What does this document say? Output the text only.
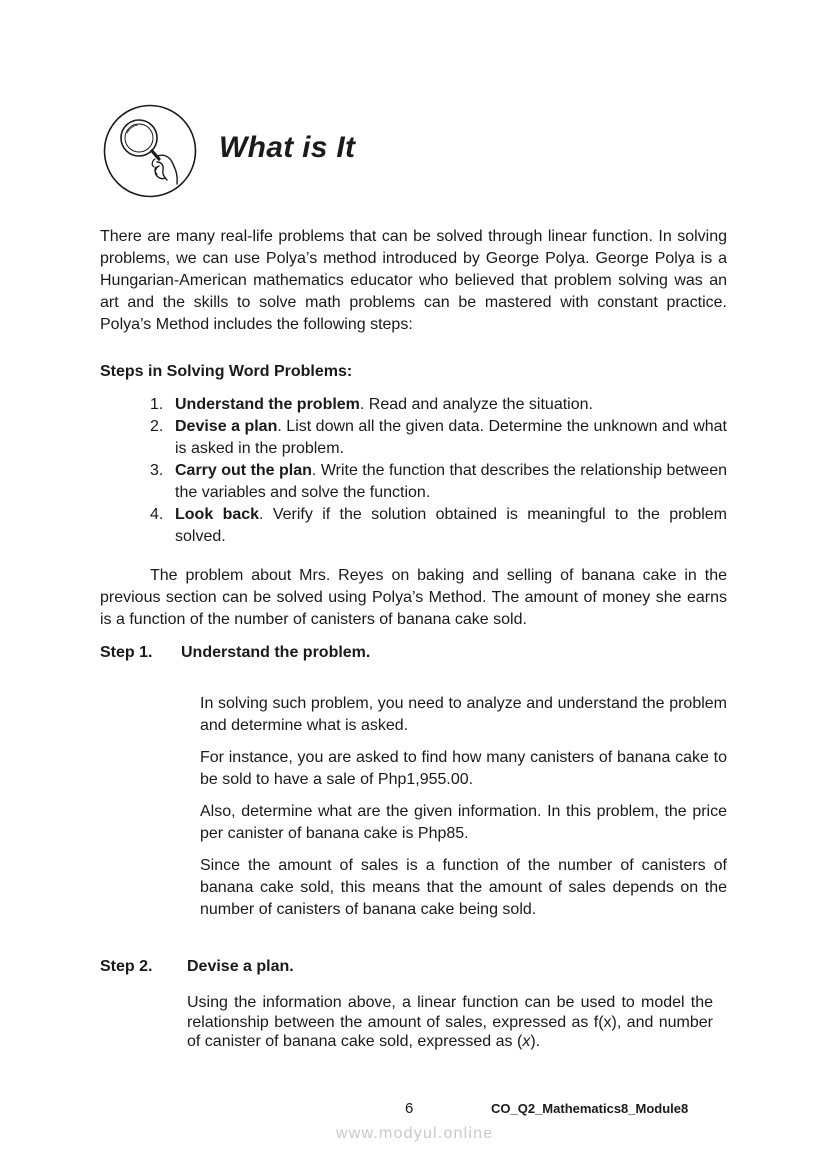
What is It
There are many real-life problems that can be solved through linear function. In solving problems, we can use Polya’s method introduced by George Polya. George Polya is a Hungarian-American mathematics educator who believed that problem solving was an art and the skills to solve math problems can be mastered with constant practice. Polya’s Method includes the following steps:
Steps in Solving Word Problems:
1. Understand the problem. Read and analyze the situation.
2. Devise a plan. List down all the given data. Determine the unknown and what is asked in the problem.
3. Carry out the plan. Write the function that describes the relationship between the variables and solve the function.
4. Look back. Verify if the solution obtained is meaningful to the problem solved.
The problem about Mrs. Reyes on baking and selling of banana cake in the previous section can be solved using Polya’s Method. The amount of money she earns is a function of the number of canisters of banana cake sold.
Step 1. Understand the problem.

In solving such problem, you need to analyze and understand the problem and determine what is asked.

For instance, you are asked to find how many canisters of banana cake to be sold to have a sale of Php1,955.00.

Also, determine what are the given information. In this problem, the price per canister of banana cake is Php85.

Since the amount of sales is a function of the number of canisters of banana cake sold, this means that the amount of sales depends on the number of canisters of banana cake being sold.

Step 2. Devise a plan.
Using the information above, a linear function can be used to model the relationship between the amount of sales, expressed as f(x), and number of canister of banana cake sold, expressed as (x).
6	CO_Q2_Mathematics8_Module8
www.modyul.online
